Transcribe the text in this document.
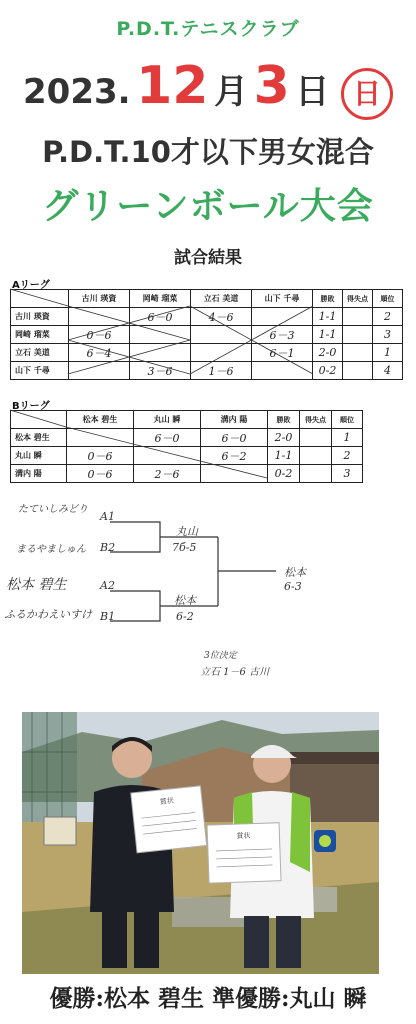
P.D.T.テニスクラブ
2023. 12 月 3 日 日
P.D.T.10才以下男女混合
グリーンボール大会
試合結果
Aリーグ
	古川 瑛資	岡崎 瑠菜	立石 美道	山下 千尋	勝敗	得失点	順位
古川 瑛資		6－0	4－6		1-1		2
岡崎 瑠菜	0－6			6－3	1-1		3
立石 美道	6－4			6－1	2-0		1
山下 千尋		3－6	1－6		0-2		4
Bリーグ
	松本 碧生	丸山 瞬	溝内 陽	勝敗	得失点	順位
松本 碧生		6－0	6－0	2-0		1
丸山 瞬	0－6		6－2	1-1		2
溝内 陽	0－6	2－6		0-2		3
たていしみどり
まるやましゅん
松本 碧生
ふるかわえいすけ
A1
B2
A2
B1
丸山
7б-5
松本
6-2
松本
6-3
3位決定
立石 1－6 古川
賞状
賞状
優勝:松本 碧生 準優勝:丸山 瞬
